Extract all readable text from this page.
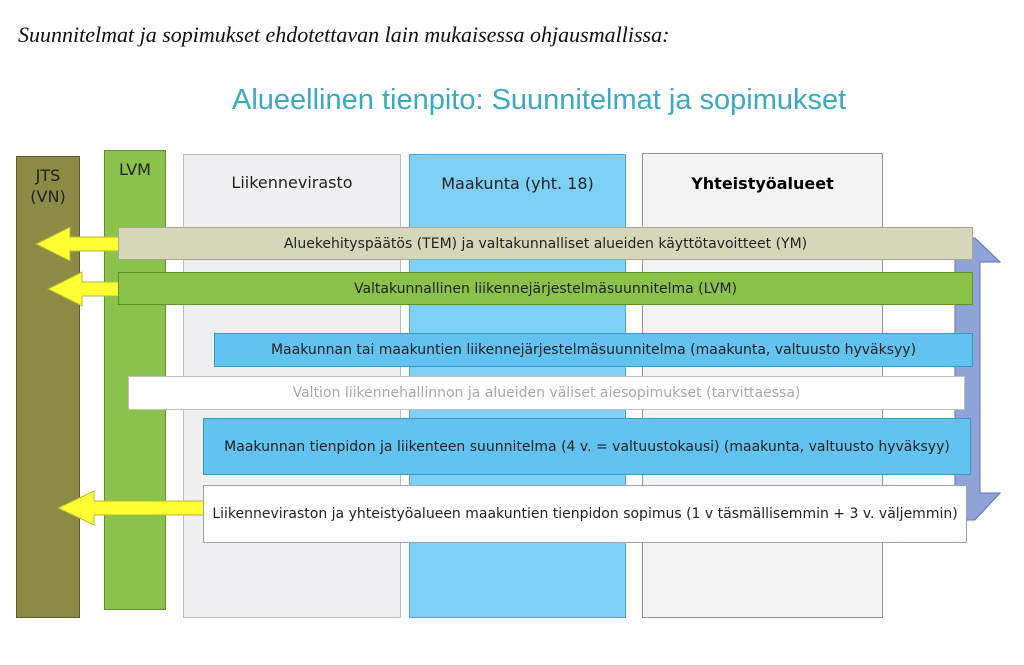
Suunnitelmat ja sopimukset ehdotettavan lain mukaisessa ohjausmallissa:
Alueellinen tienpito: Suunnitelmat ja sopimukset
JTS
(VN)
LVM
Liikennevirasto	Maakunta (yht. 18)	Yhteistyöalueet
Aluekehityspäätös (TEM) ja valtakunnalliset alueiden käyttötavoitteet (YM)
Valtakunnallinen liikennejärjestelmäsuunnitelma (LVM)
Maakunnan tai maakuntien liikennejärjestelmäsuunnitelma (maakunta, valtuusto hyväksyy)
Valtion liikennehallinnon ja alueiden väliset aiesopimukset (tarvittaessa)
Maakunnan tienpidon ja liikenteen suunnitelma (4 v. = valtuustokausi) (maakunta, valtuusto hyväksyy)
Liikenneviraston ja yhteistyöalueen maakuntien tienpidon sopimus (1 v täsmällisemmin + 3 v. väljemmin)
